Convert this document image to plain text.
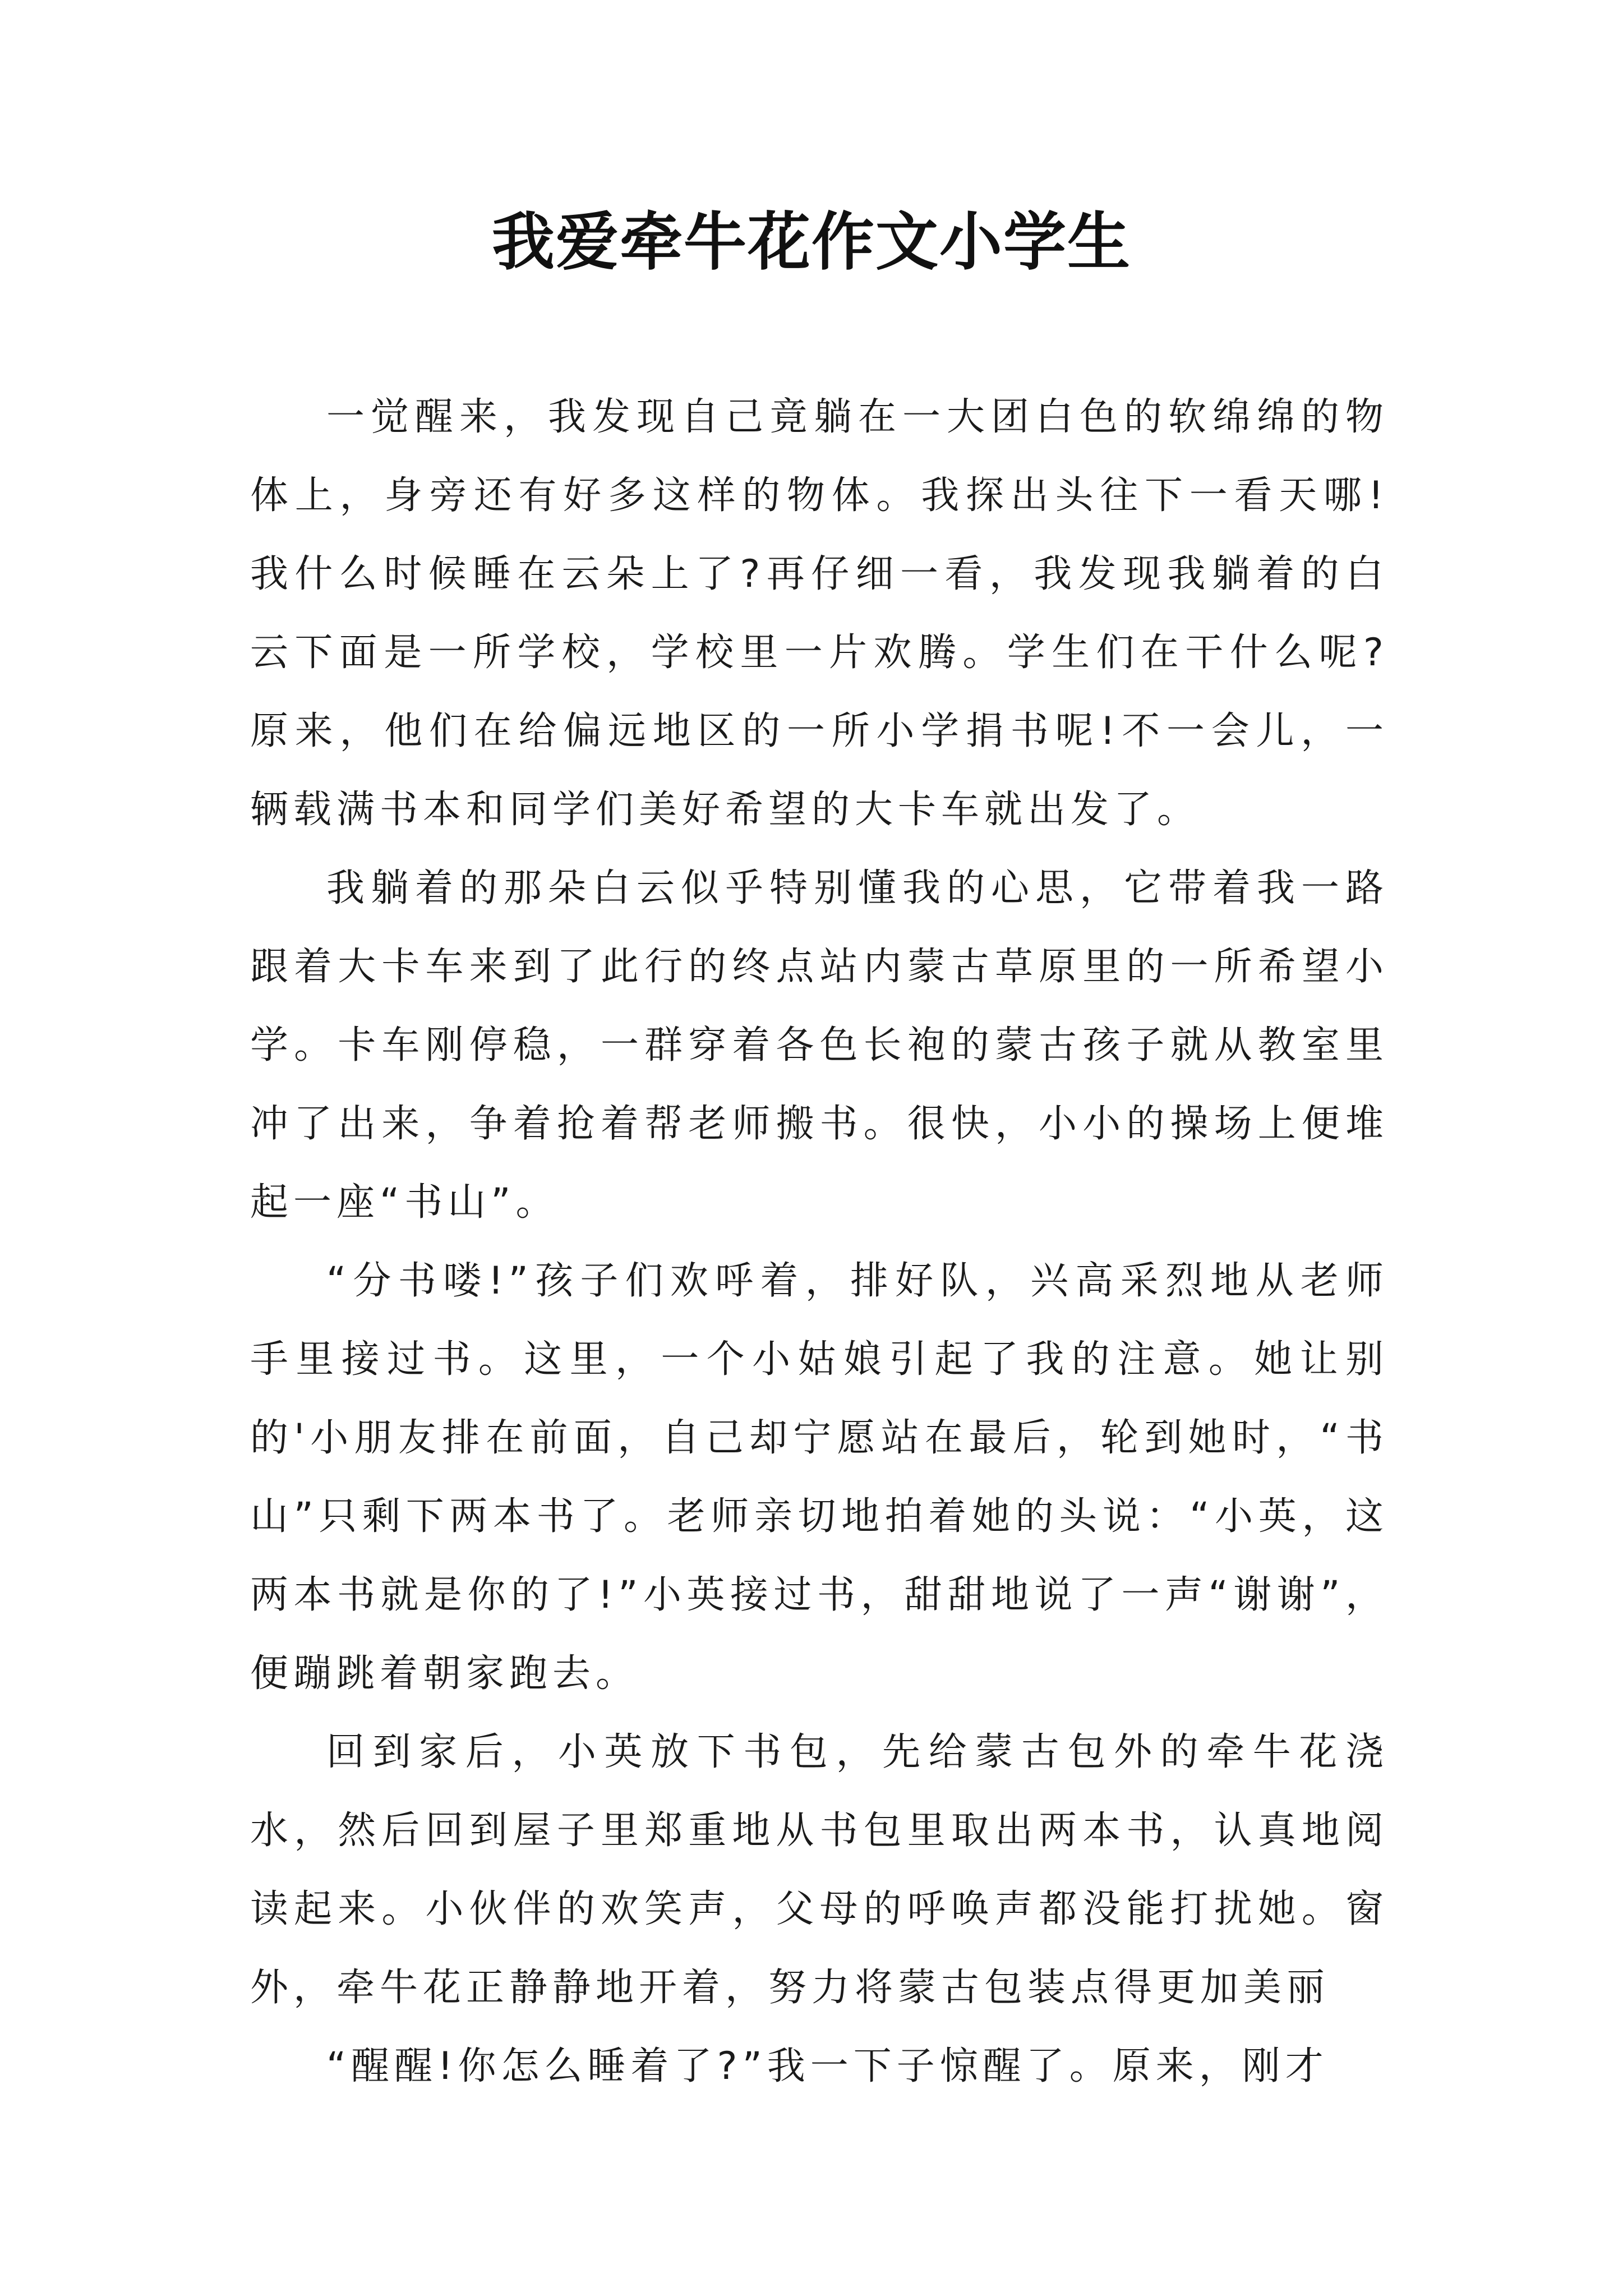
我爱牵牛花作文小学生

一觉醒来，我发现自己竟躺在一大团白色的软绵绵的物体上，身旁还有好多这样的物体。我探出头往下一看天哪!我什么时候睡在云朵上了?再仔细一看，我发现我躺着的白云下面是一所学校，学校里一片欢腾。学生们在干什么呢?原来，他们在给偏远地区的一所小学捐书呢!不一会儿，一辆载满书本和同学们美好希望的大卡车就出发了。

我躺着的那朵白云似乎特别懂我的心思，它带着我一路跟着大卡车来到了此行的终点站内蒙古草原里的一所希望小学。卡车刚停稳，一群穿着各色长袍的蒙古孩子就从教室里冲了出来，争着抢着帮老师搬书。很快，小小的操场上便堆起一座“书山”。

“分书喽!”孩子们欢呼着，排好队，兴高采烈地从老师手里接过书。这里，一个小姑娘引起了我的注意。她让别的'小朋友排在前面，自己却宁愿站在最后，轮到她时，“书山”只剩下两本书了。老师亲切地拍着她的头说：“小英，这两本书就是你的了!”小英接过书，甜甜地说了一声“谢谢”，便蹦跳着朝家跑去。

回到家后，小英放下书包，先给蒙古包外的牵牛花浇水，然后回到屋子里郑重地从书包里取出两本书，认真地阅读起来。小伙伴的欢笑声，父母的呼唤声都没能打扰她。窗外，牵牛花正静静地开着，努力将蒙古包装点得更加美丽

“醒醒!你怎么睡着了?”我一下子惊醒了。原来，刚才
